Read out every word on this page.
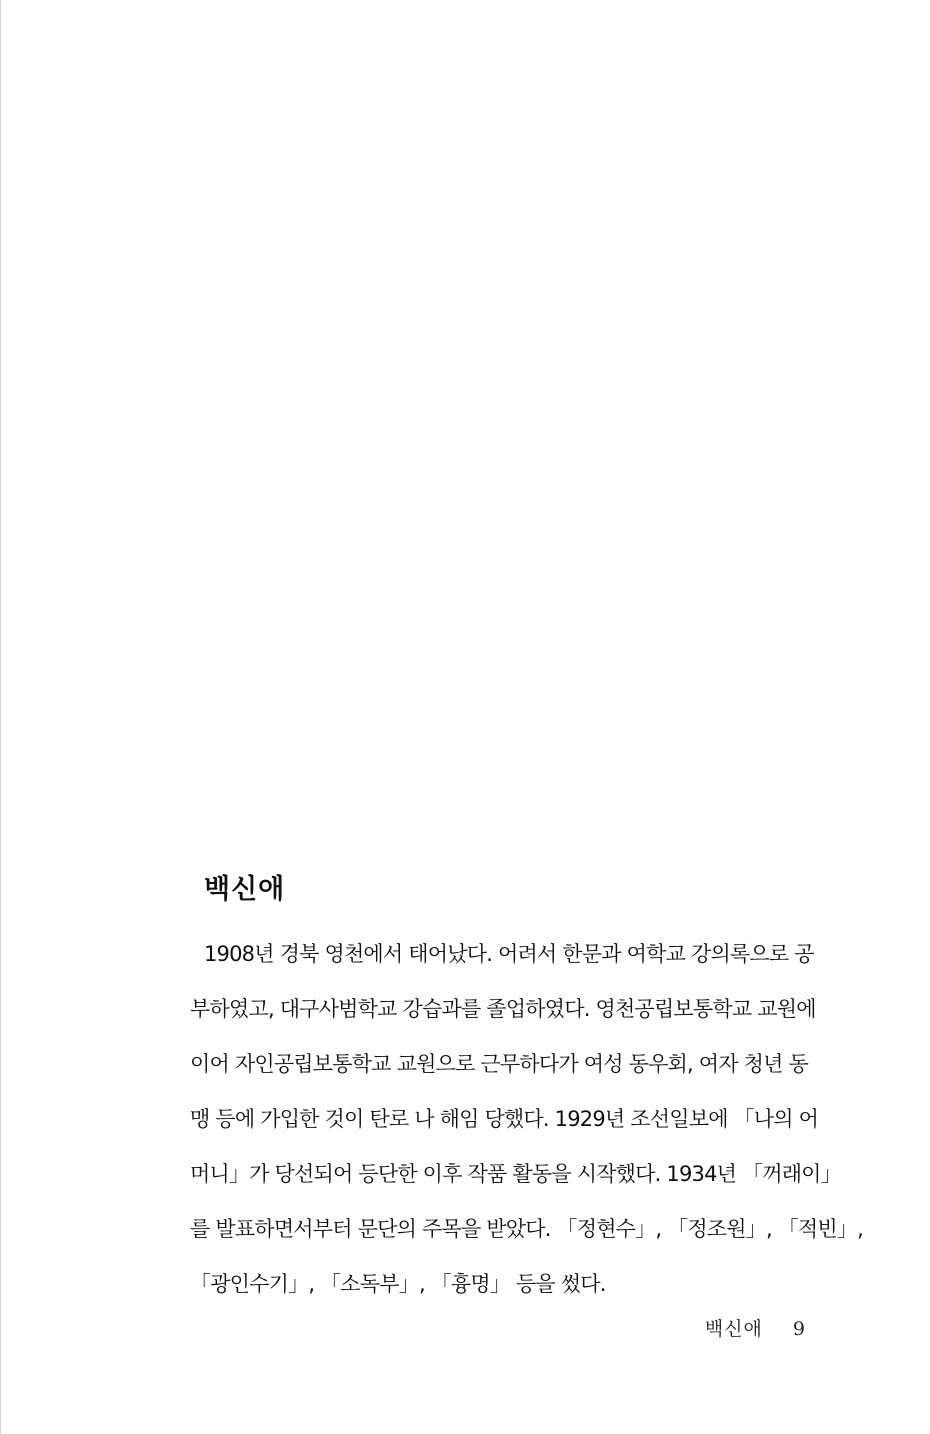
백신애
1908년 경북 영천에서 태어났다. 어려서 한문과 여학교 강의록으로 공
부하였고, 대구사범학교 강습과를 졸업하였다. 영천공립보통학교 교원에
이어 자인공립보통학교 교원으로 근무하다가 여성 동우회, 여자 청년 동
맹 등에 가입한 것이 탄로 나 해임 당했다. 1929년 조선일보에 「나의 어
머니」가 당선되어 등단한 이후 작품 활동을 시작했다. 1934년 「꺼래이」
를 발표하면서부터 문단의 주목을 받았다. 「정현수」, 「정조원」, 「적빈」,
「광인수기」, 「소독부」, 「흉명」 등을 썼다.
백신애 9
